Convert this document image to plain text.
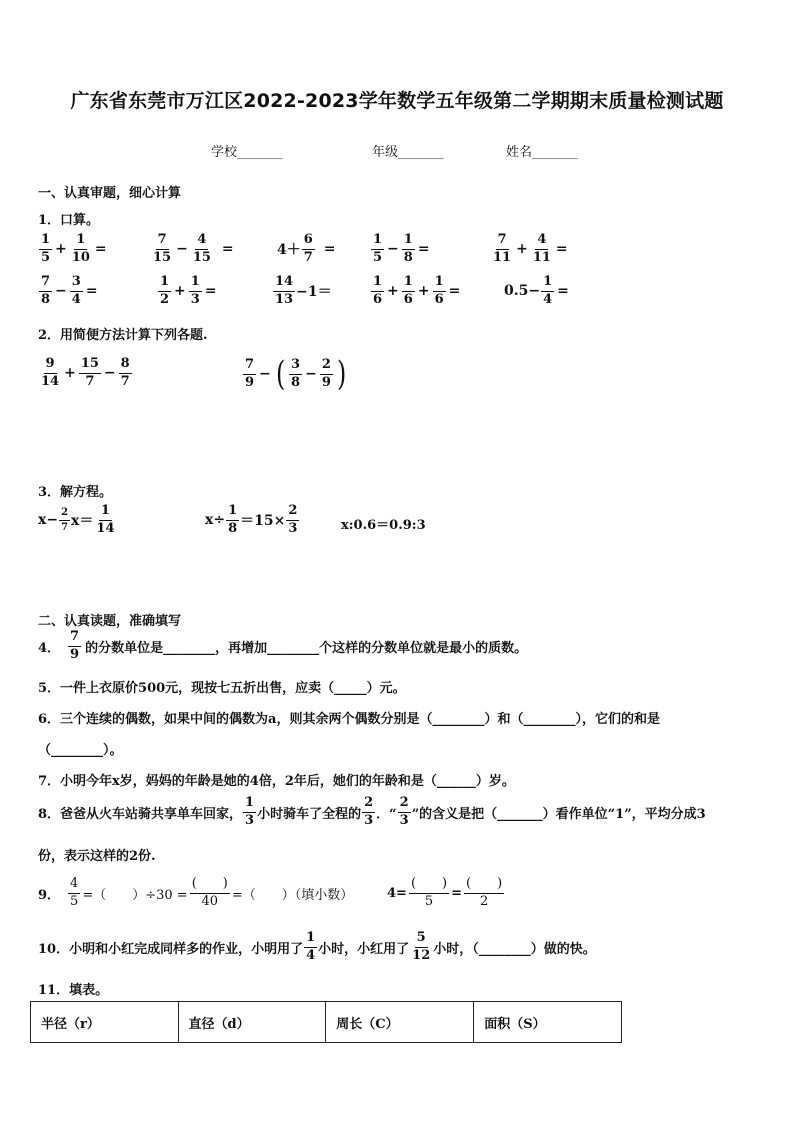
广东省东莞市万江区2022-2023学年数学五年级第二学期期末质量检测试题
学校_______	年级_______	姓名_______
一、认真审题，细心计算
1．口算。
$\frac{1}{5} + \frac{1}{10}$ =	$\frac{7}{15} - \frac{4}{15}$ =	$4+ \frac{6}{7}$ =	$\frac{1}{5} - \frac{1}{8}$ =	$\frac{7}{11} + \frac{4}{11}$ =
$\frac{7}{8} - \frac{3}{4}$ =	$\frac{1}{2} + \frac{1}{3}$ =	$\frac{14}{13} -1=$	$\frac{1}{6} + \frac{1}{6} + \frac{1}{6}$ =	$0.5- \frac{1}{4}$ =
2．用简便方法计算下列各题.
$\frac{9}{14} + \frac{15}{7} - \frac{8}{7}$	$\frac{7}{9}$ − ( $\frac{3}{8} - \frac{2}{9}$ )
3．解方程。
$x- \frac{2}{7} x= \frac{1}{14}$	$x\div \frac{1}{8} =15\times \frac{2}{3}$	x:0.6＝0.9:3
二、认真读题，准确填写
4． $\frac{7}{9}$ 的分数单位是________，再增加________个这样的分数单位就是最小的质数。
5．一件上衣原价500元，现按七五折出售，应卖（_____）元。
6．三个连续的偶数，如果中间的偶数为a，则其余两个偶数分别是（________）和（________），它们的和是
（________）。
7．小明今年x岁，妈妈的年龄是她的4倍，2年后，她们的年龄和是（______）岁。
8．爸爸从火车站骑共享单车回家， $\frac{1}{3}$ 小时骑车了全程的 $\frac{2}{3}$ ．“ $\frac{2}{3}$ ”的含义是把（_______）看作单位“1”，平均分成3
份，表示这样的2份.
9． $\frac{4}{5}$ =（　　）$\div 30 = \frac{( )}{40}$ =（　　）（填小数）	$4= \frac{( )}{5} = \frac{( )}{2}$
10．小明和小红完成同样多的作业，小明用了 $\frac{1}{4}$ 小时，小红用了 $\frac{5}{12}$ 小时，（________）做的快。
11．填表。
半径（r）	直径（d）	周长（C）	面积（S）
